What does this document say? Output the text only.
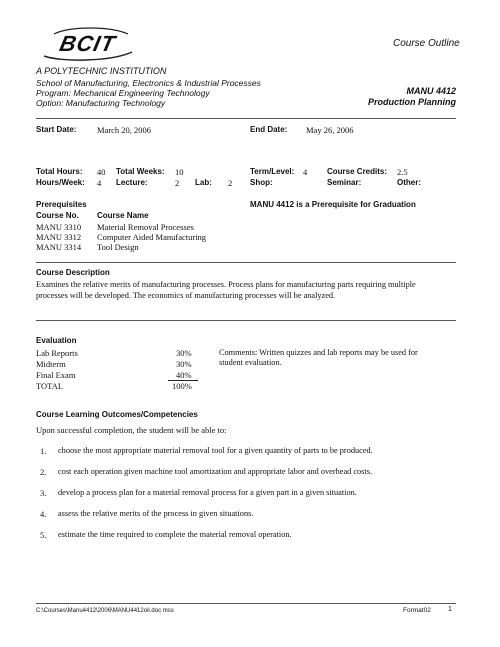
BCIT	Course Outline
A POLYTECHNIC INSTITUTION
School of Manufacturing, Electronics & Industrial Processes
Program: Mechanical Engineering Technology
Option: Manufacturing Technology
MANU 4412
Production Planning
Start Date: March 20, 2006	End Date: May 26, 2006
Total Hours: 40 Total Weeks: 10	Term/Level: 4 Course Credits: 2.5
Hours/Week: 4 Lecture:	2 Lab: 2 Shop:	Seminar:	Other:
Prerequisites	MANU 4412 is a Prerequisite for Graduation
Course No. Course Name
MANU 3310 Material Removal Processes
MANU 3312 Computer Aided Manufacturing
MANU 3314 Tool Design
Course Description
Examines the relative merits of manufacturing processes. Process plans for manufacturing parts requiring multiple
processes will be developed. The economics of manufacturing processes will be analyzed.
Evaluation
Lab Reports	30%
Midterm	30%
Final Exam	40%
TOTAL	100%
Comments: Written quizzes and lab reports may be used for
student evaluation.
Course Learning Outcomes/Competencies
Upon successful completion, the student will be able to:
1. choose the most appropriate material removal tool for a given quantity of parts to be produced.
2. cost each operation given machine tool amortization and appropriate labor and overhead costs.
3. develop a process plan for a material removal process for a given part in a given situation.
4. assess the relative merits of the process in given situations.
5. estimate the time required to complete the material removal operation.
C:\Courses\Manu4412\2006\MANU4412oil.doc mss	Format02 1
